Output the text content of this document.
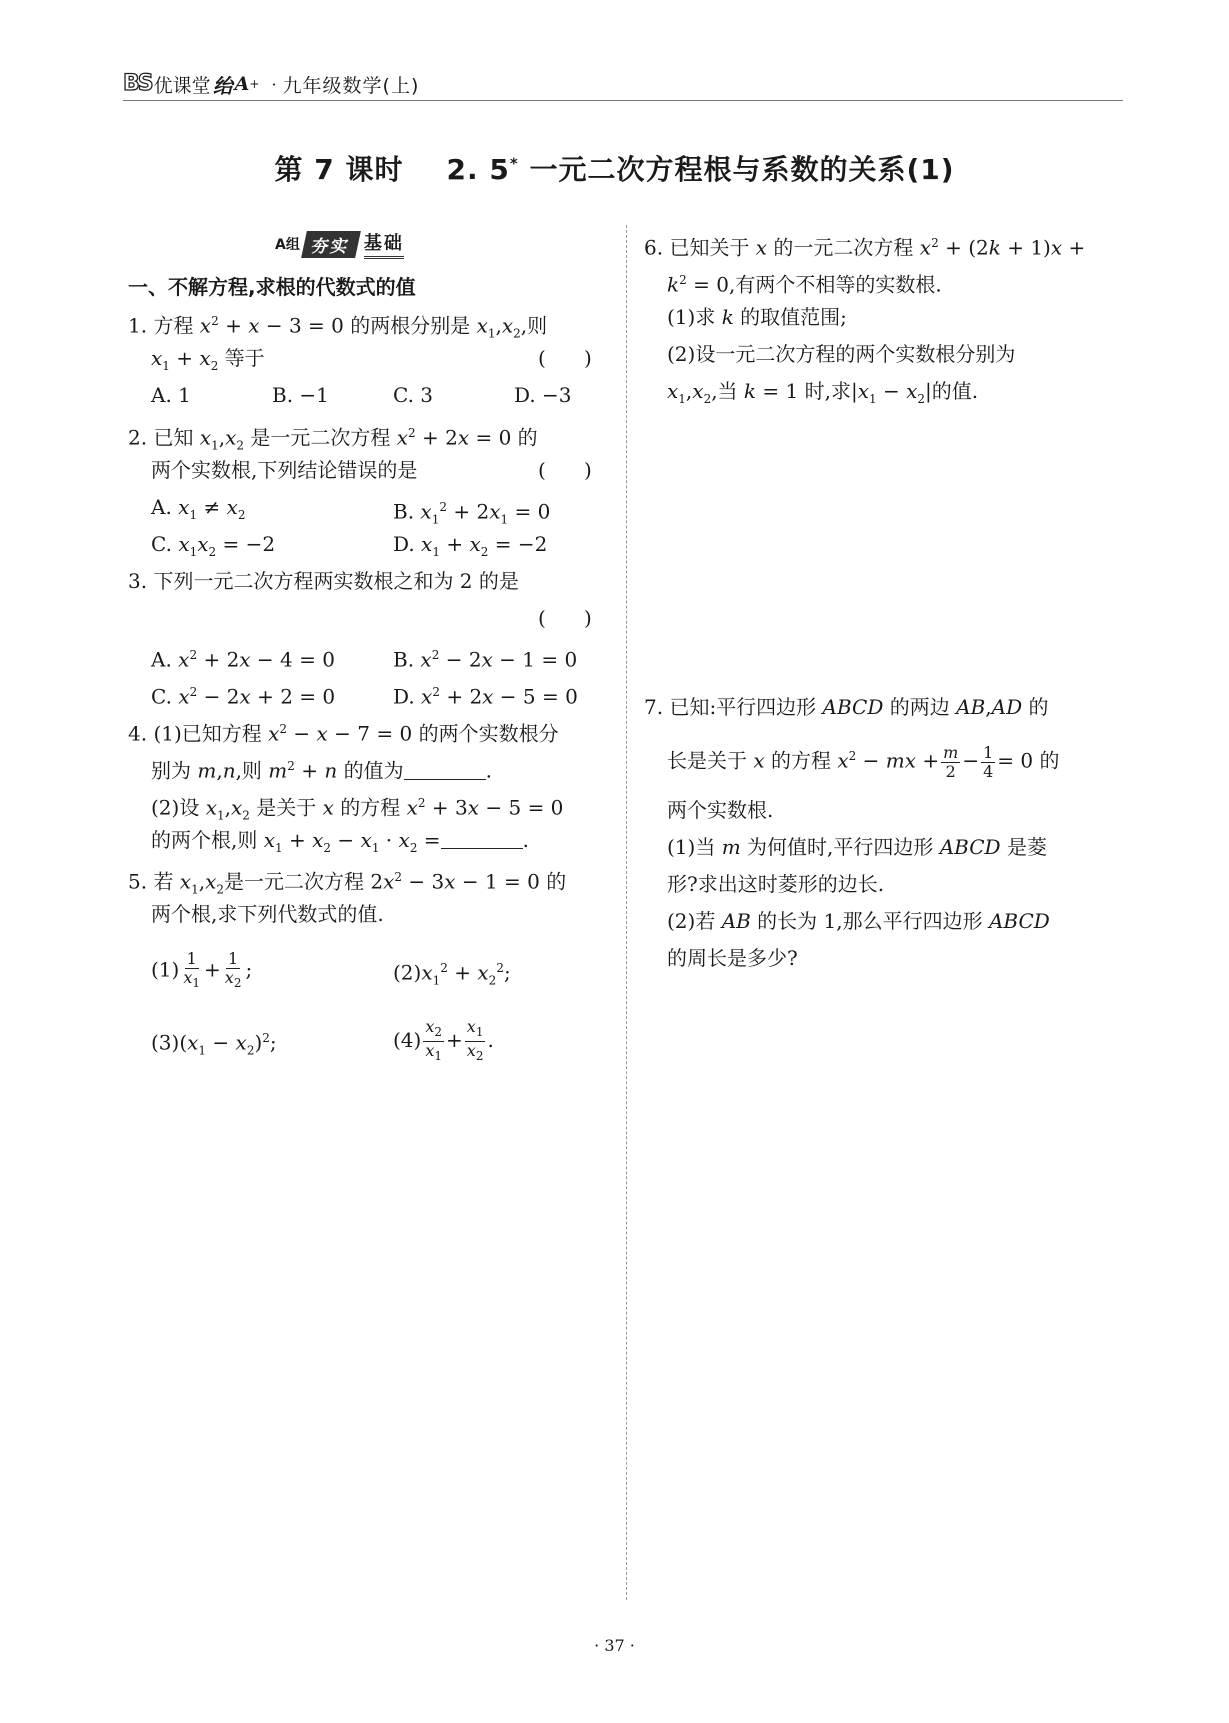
BS 优课堂 绐 A + · 九年级数学(上)
第 7 课时 2. 5* 一元二次方程根与系数的关系(1)
A组 夯实 基础
一、不解方程,求根的代数式的值
1. 方程 $x^2 + x - 3 = 0$ 的两根分别是 $x_1,x_2$,则
$x_1 + x_2$ 等于	(      )
A. 1	B. −1	C. 3	D. −3
2. 已知 $x_1,x_2$ 是一元二次方程 $x^2 + 2x = 0$ 的
两个实数根,下列结论错误的是	(      )
A. $x_1 \ne x_2$	B. $x_1^2 + 2x_1 = 0$
C. $x_1x_2 = -2$	D. $x_1 + x_2 = -2$
3. 下列一元二次方程两实数根之和为 2 的是
(      )
A. $x^2 + 2x - 4 = 0$	B. $x^2 - 2x - 1 = 0$
C. $x^2 - 2x + 2 = 0$	D. $x^2 + 2x - 5 = 0$
4. (1)已知方程 $x^2 - x - 7 = 0$ 的两个实数根分
别为 m,n,则 $m^2 + n$ 的值为	.
(2)设 $x_1,x_2$ 是关于 x 的方程 $x^2 + 3x - 5 = 0$
的两个根,则 $x_1 + x_2 - x_1 \cdot x_2$ =	.
5. 若 $x_1,x_2$是一元二次方程 $2x^2 - 3x - 1 = 0$ 的
两个根,求下列代数式的值.
$(1) \frac{1}{x_1} + \frac{1}{x_2}$ ;	$(2)x_1^2 + x_2^2$;
$(3)(x_1 - x_2)^2$;	$(4) \frac{x_2}{x_1} + \frac{x_1}{x_2}$ .
6. 已知关于 x 的一元二次方程 $x^2 + (2k + 1)x$ +
$k^2 = 0$,有两个不相等的实数根.
(1)求 k 的取值范围;
(2)设一元二次方程的两个实数根分别为
$x_1,x_2$,当 k = 1 时,求$|x_1 - x_2|$的值.
7. 已知:平行四边形 ABCD 的两边 AB,AD 的
长是关于 x 的方程 $x^2$ − mx + $\frac{m}{2} - \frac{1}{4} = 0$ 的
两个实数根.
(1)当 m 为何值时,平行四边形 ABCD 是菱
形?求出这时菱形的边长.
(2)若 AB 的长为 1,那么平行四边形 ABCD
的周长是多少?
· 37 ·
